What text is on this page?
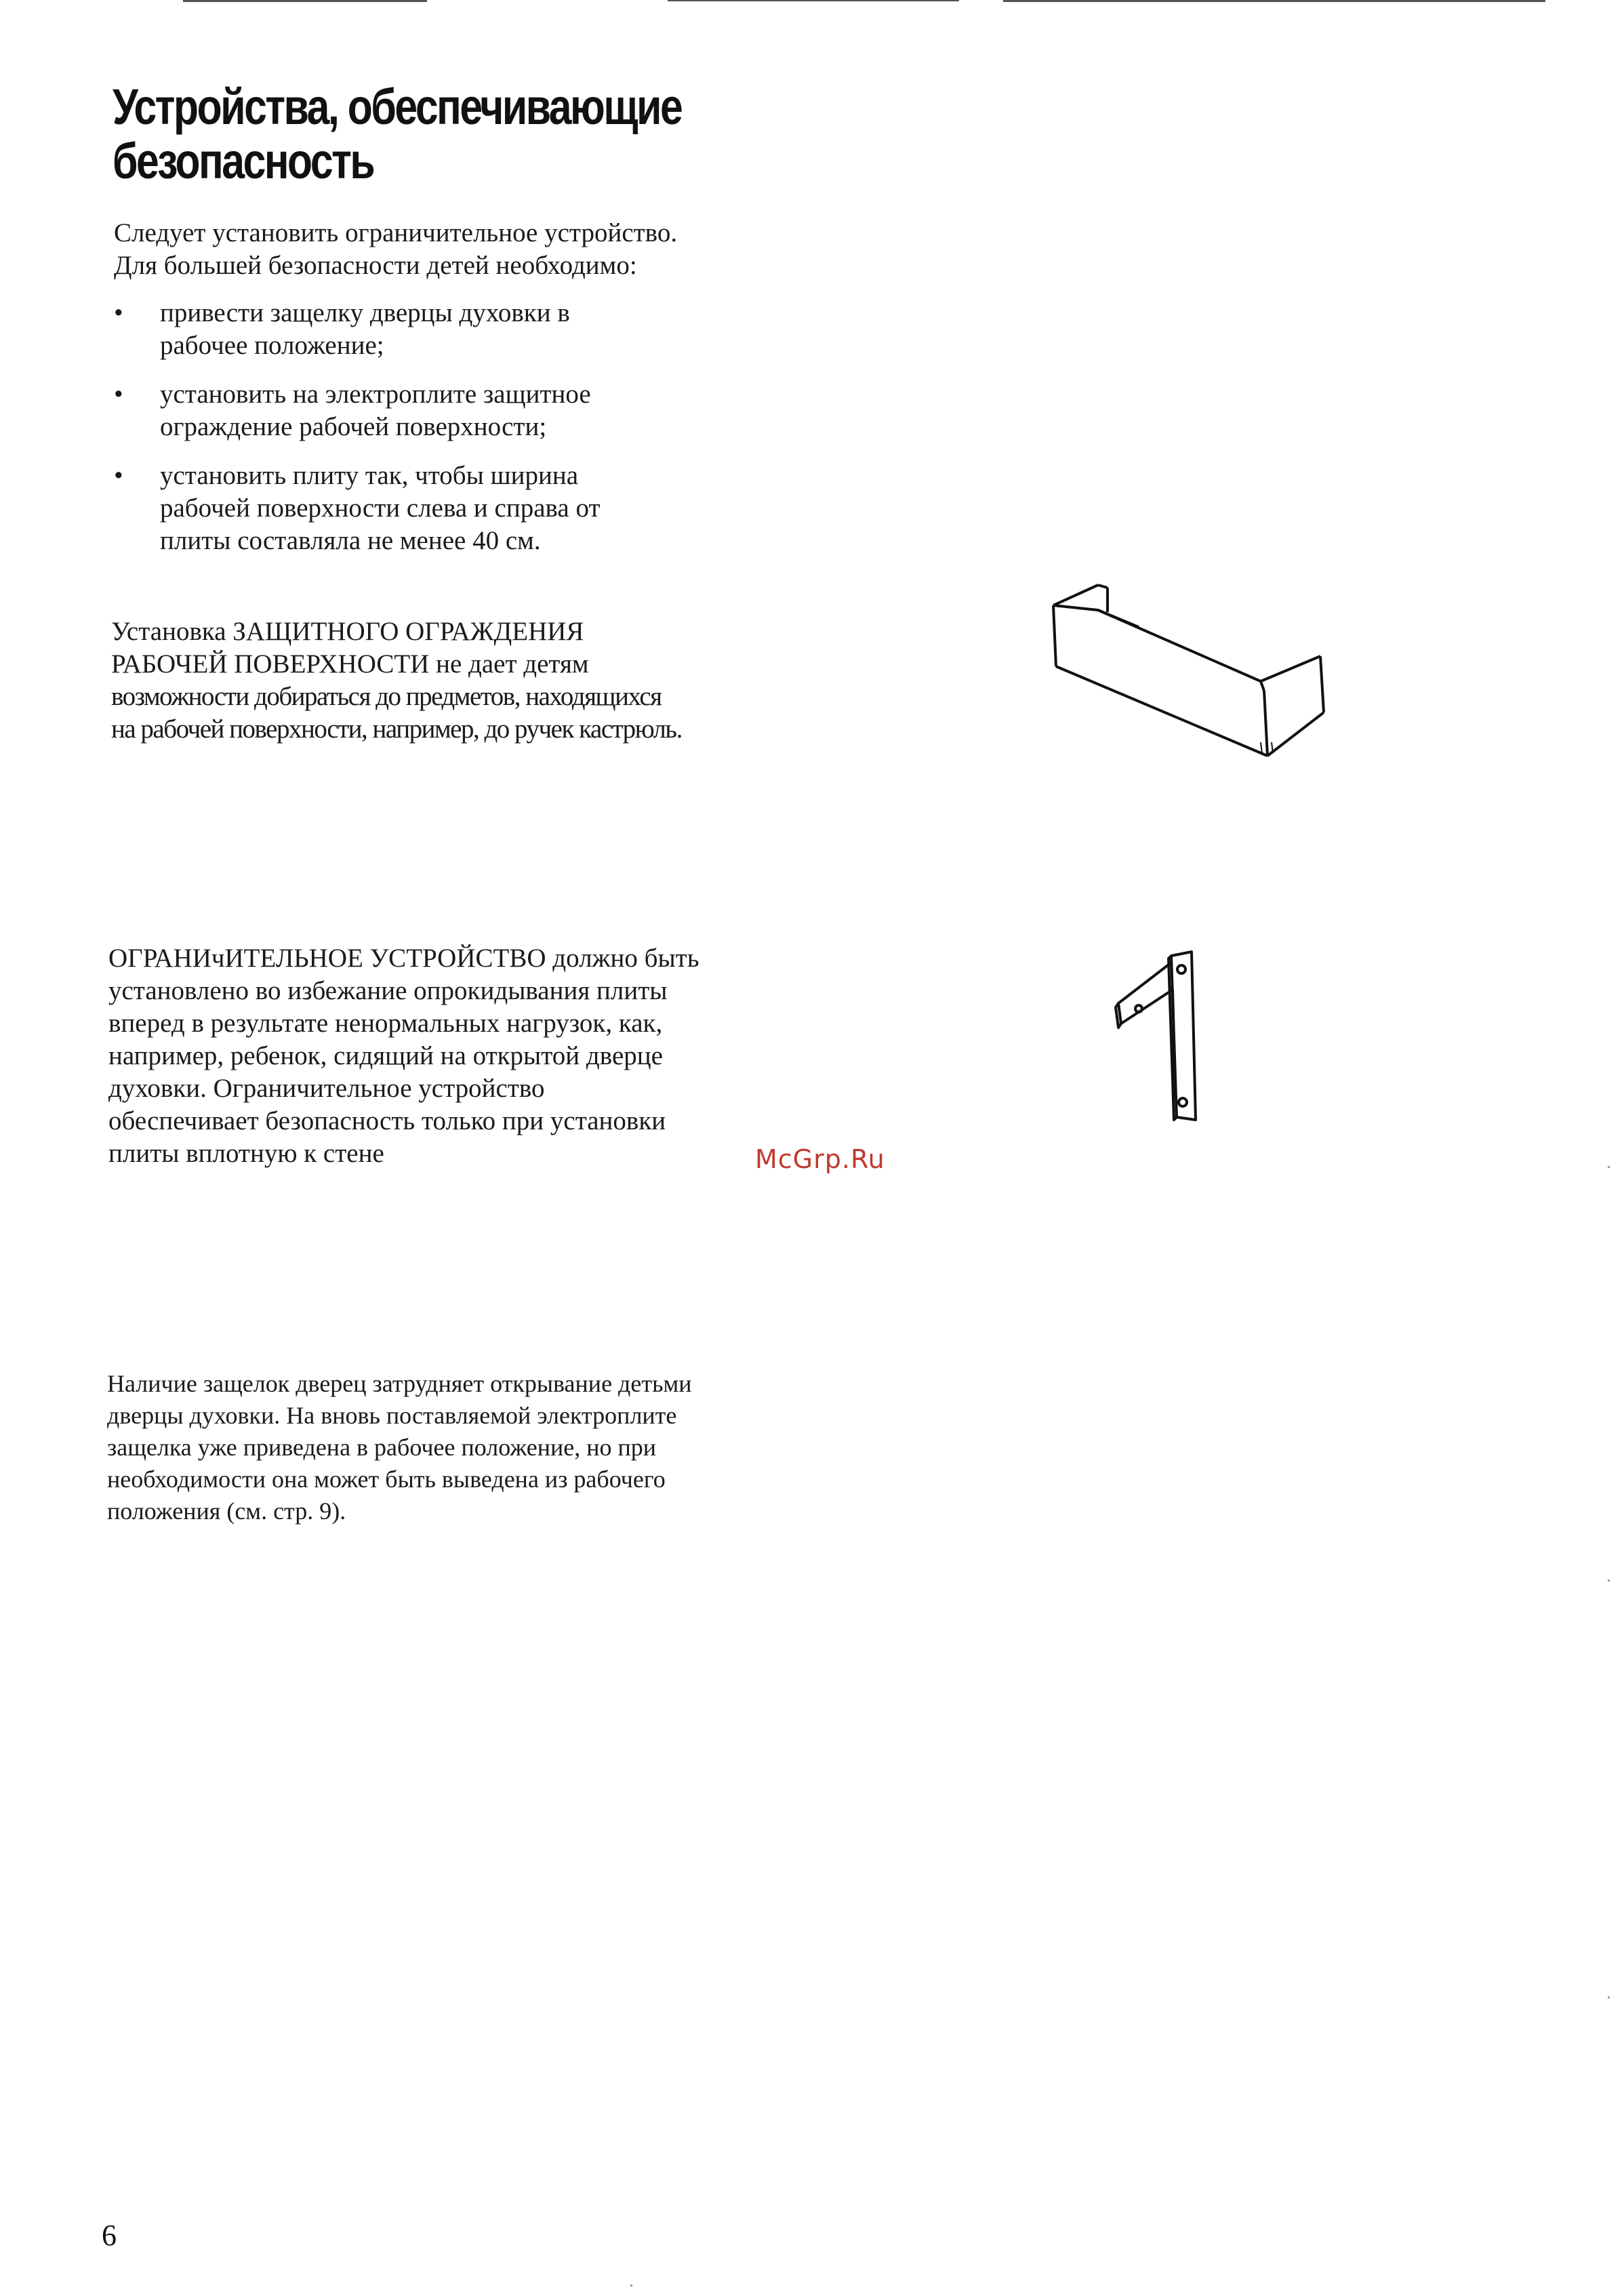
Устройства, обеспечивающие
безопасность

Следует установить ограничительное устройство.

Для большей безопасности детей необходимо:

• привести защелку дверцы духовки в
рабочее положение;
• установить на электроплите защитное
ограждение рабочей поверхности;
• установить плиту так, чтобы ширина
рабочей поверхности слева и справа от
плиты составляла не менее 40 см.

Установка ЗАЩИТНОГО ОГРАЖДЕНИЯ

РАБОЧЕЙ ПОВЕРХНОСТИ не дает детям

возможности добираться до предметов, находящихся

на рабочей поверхности, например, до ручек кастрюль.

ОГРАНИчИТЕЛЬНОЕ УСТРОЙСТВО должно быть

установлено во избежание опрокидывания плиты

вперед в результате ненормальных нагрузок, как,

например, ребенок, сидящий на открытой дверце

духовки. Ограничительное устройство

обеспечивает безопасность только при установки

плиты вплотную к стене	McGrp.Ru

Наличие защелок дверец затрудняет открывание детьми

дверцы духовки. На вновь поставляемой электроплите

защелка уже приведена в рабочее положение, но при

необходимости она может быть выведена из рабочего

положения (см. стр. 9).

6
